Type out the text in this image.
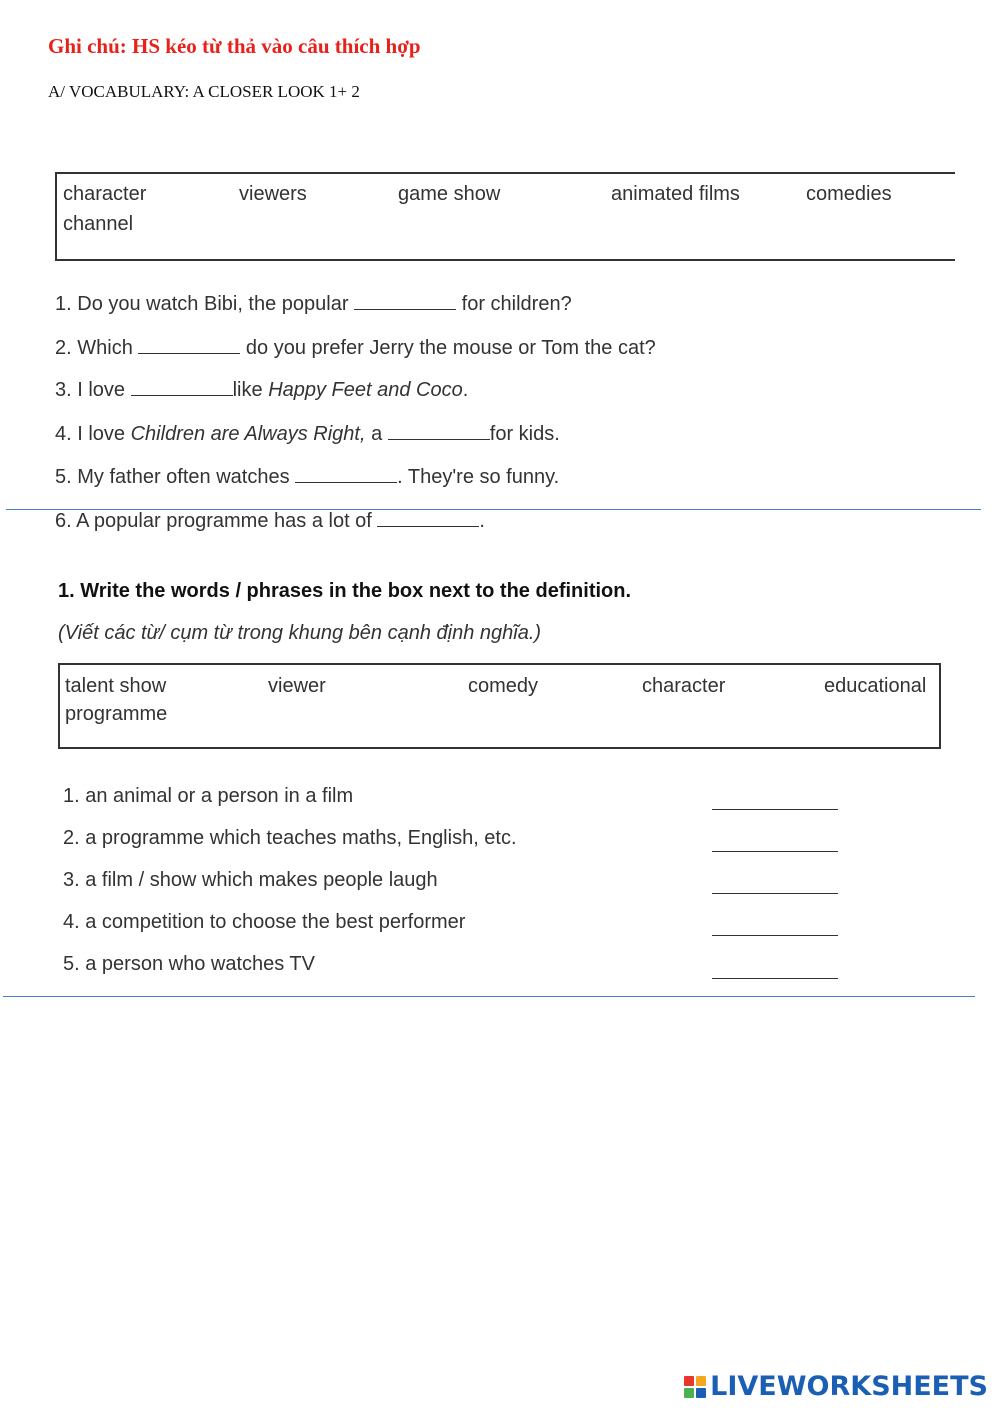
Ghi chú: HS kéo từ thả vào câu thích hợp
A/ VOCABULARY: A CLOSER LOOK 1+ 2
character	viewers	game show	animated films	comedies
channel
1. Do you watch Bibi, the popular	for children?
2. Which	do you prefer Jerry the mouse or Tom the cat?
3. I love	like Happy Feet and Coco.
4. I love Children are Always Right, a	for kids.
5. My father often watches	. They're so funny.
6. A popular programme has a lot of	.
1. Write the words / phrases in the box next to the definition.
(Viết các từ/ cụm từ trong khung bên cạnh định nghĩa.)
talent show	viewer	comedy	character	educational
programme
1. an animal or a person in a film
2. a programme which teaches maths, English, etc.
3. a film / show which makes people laugh
4. a competition to choose the best performer
5. a person who watches TV
LIVEWORKSHEETS
